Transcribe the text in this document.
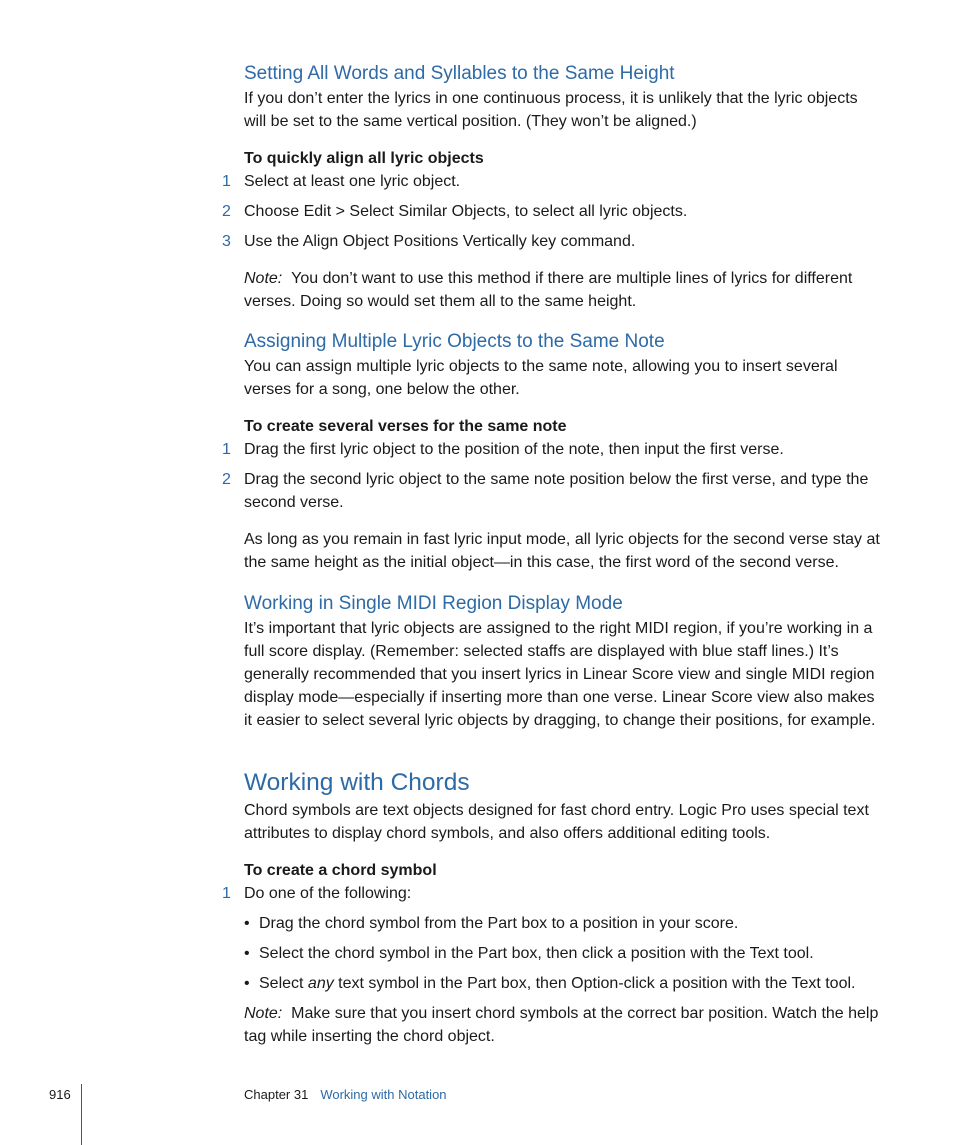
Setting All Words and Syllables to the Same Height
If you don’t enter the lyrics in one continuous process, it is unlikely that the lyric objects will be set to the same vertical position. (They won’t be aligned.)
To quickly align all lyric objects
1 Select at least one lyric object.
2 Choose Edit > Select Similar Objects, to select all lyric objects.
3 Use the Align Object Positions Vertically key command.
Note: You don’t want to use this method if there are multiple lines of lyrics for different verses. Doing so would set them all to the same height.
Assigning Multiple Lyric Objects to the Same Note
You can assign multiple lyric objects to the same note, allowing you to insert several verses for a song, one below the other.
To create several verses for the same note
1 Drag the first lyric object to the position of the note, then input the first verse.
2 Drag the second lyric object to the same note position below the first verse, and type the second verse.
As long as you remain in fast lyric input mode, all lyric objects for the second verse stay at the same height as the initial object—in this case, the first word of the second verse.
Working in Single MIDI Region Display Mode
It’s important that lyric objects are assigned to the right MIDI region, if you’re working in a full score display. (Remember: selected staffs are displayed with blue staff lines.) It’s generally recommended that you insert lyrics in Linear Score view and single MIDI region display mode—especially if inserting more than one verse. Linear Score view also makes it easier to select several lyric objects by dragging, to change their positions, for example.
Working with Chords
Chord symbols are text objects designed for fast chord entry. Logic Pro uses special text attributes to display chord symbols, and also offers additional editing tools.
To create a chord symbol
1 Do one of the following:
• Drag the chord symbol from the Part box to a position in your score.
• Select the chord symbol in the Part box, then click a position with the Text tool.
• Select any text symbol in the Part box, then Option-click a position with the Text tool.
Note: Make sure that you insert chord symbols at the correct bar position. Watch the help tag while inserting the chord object.
916	Chapter 31 Working with Notation
